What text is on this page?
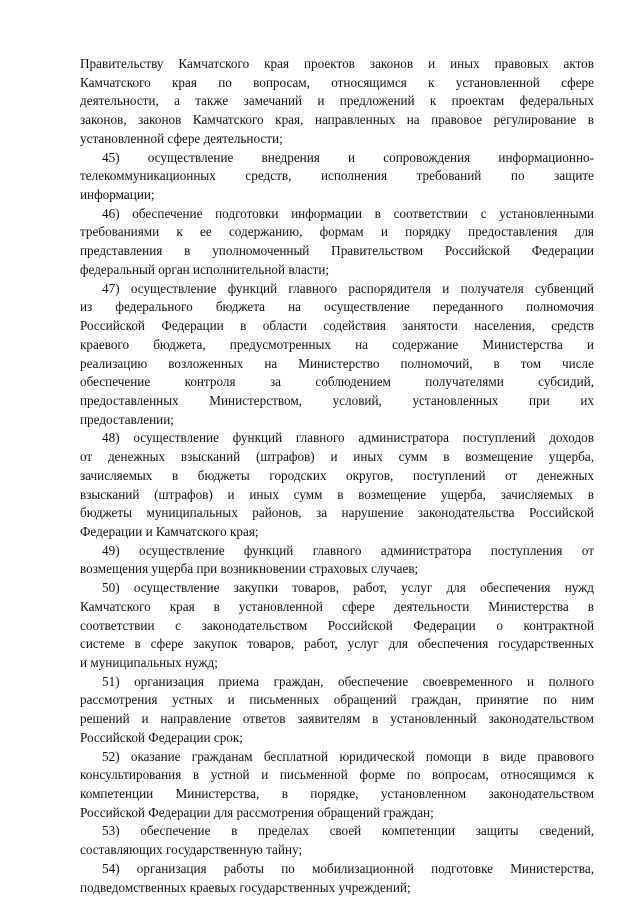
Правительству Камчатского края проектов законов и иных правовых актов
Камчатского края по вопросам, относящимся к установленной сфере
деятельности, а также замечаний и предложений к проектам федеральных
законов, законов Камчатского края, направленных на правовое регулирование в
установленной сфере деятельности;
45) осуществление внедрения и сопровождения информационно-
телекоммуникационных средств, исполнения требований по защите
информации;
46) обеспечение подготовки информации в соответствии с установленными
требованиями к ее содержанию, формам и порядку предоставления для
представления в уполномоченный Правительством Российской Федерации
федеральный орган исполнительной власти;
47) осуществление функций главного распорядителя и получателя субвенций
из федерального бюджета на осуществление переданного полномочия
Российской Федерации в области содействия занятости населения, средств
краевого бюджета, предусмотренных на содержание Министерства и
реализацию возложенных на Министерство полномочий, в том числе
обеспечение контроля за соблюдением получателями субсидий,
предоставленных Министерством, условий, установленных при их
предоставлении;
48) осуществление функций главного администратора поступлений доходов
от денежных взысканий (штрафов) и иных сумм в возмещение ущерба,
зачисляемых в бюджеты городских округов, поступлений от денежных
взысканий (штрафов) и иных сумм в возмещение ущерба, зачисляемых в
бюджеты муниципальных районов, за нарушение законодательства Российской
Федерации и Камчатского края;
49) осуществление функций главного администратора поступления от
возмещения ущерба при возникновении страховых случаев;
50) осуществление закупки товаров, работ, услуг для обеспечения нужд
Камчатского края в установленной сфере деятельности Министерства в
соответствии с законодательством Российской Федерации о контрактной
системе в сфере закупок товаров, работ, услуг для обеспечения государственных
и муниципальных нужд;
51) организация приема граждан, обеспечение своевременного и полного
рассмотрения устных и письменных обращений граждан, принятие по ним
решений и направление ответов заявителям в установленный законодательством
Российской Федерации срок;
52) оказание гражданам бесплатной юридической помощи в виде правового
консультирования в устной и письменной форме по вопросам, относящимся к
компетенции Министерства, в порядке, установленном законодательством
Российской Федерации для рассмотрения обращений граждан;
53) обеспечение в пределах своей компетенции защиты сведений,
составляющих государственную тайну;
54) организация работы по мобилизационной подготовке Министерства,
подведомственных краевых государственных учреждений;
